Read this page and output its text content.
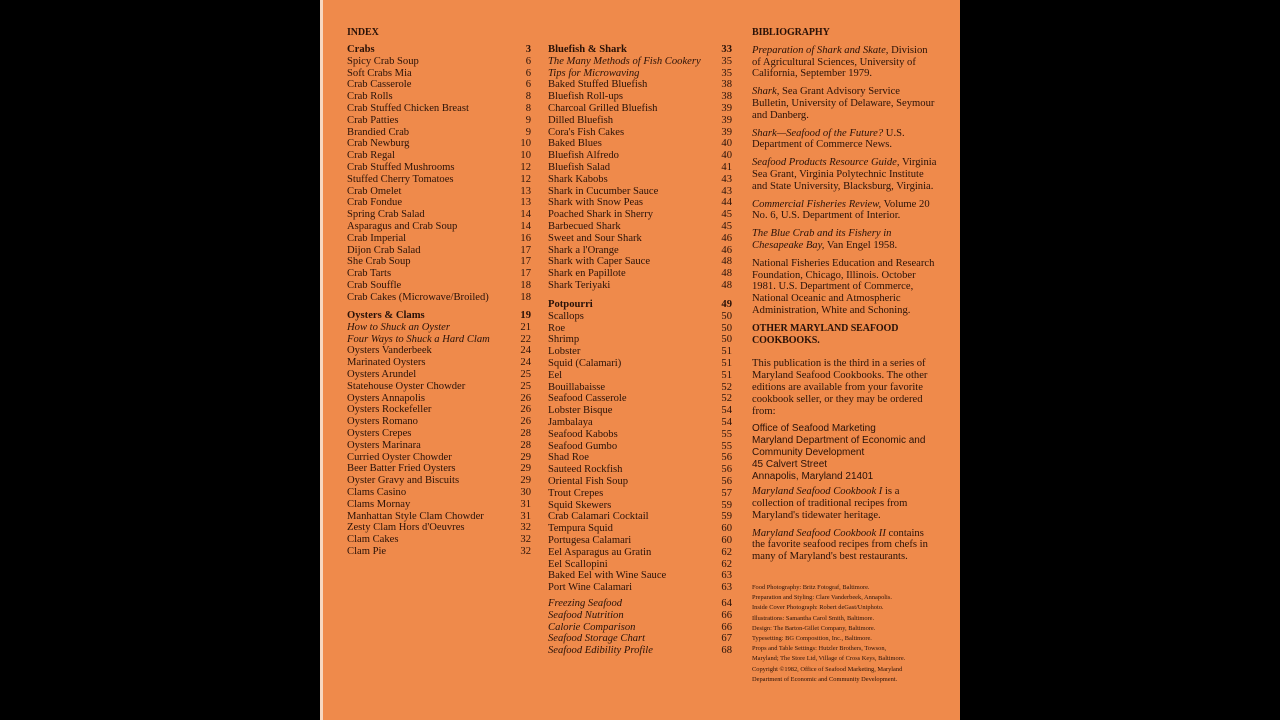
INDEX
Crabs	3
Spicy Crab Soup	6
Soft Crabs Mia	6
Crab Casserole	6
Crab Rolls	8
Crab Stuffed Chicken Breast	8
Crab Patties	9
Brandied Crab	9
Crab Newburg	10
Crab Regal	10
Crab Stuffed Mushrooms	12
Stuffed Cherry Tomatoes	12
Crab Omelet	13
Crab Fondue	13
Spring Crab Salad	14
Asparagus and Crab Soup	14
Crab Imperial	16
Dijon Crab Salad	17
She Crab Soup	17
Crab Tarts	17
Crab Souffle	18
Crab Cakes (Microwave/Broiled)	18
Oysters & Clams	19
How to Shuck an Oyster	21
Four Ways to Shuck a Hard Clam	22
Oysters Vanderbeek	24
Marinated Oysters	24
Oysters Arundel	25
Statehouse Oyster Chowder	25
Oysters Annapolis	26
Oysters Rockefeller	26
Oysters Romano	26
Oysters Crepes	28
Oysters Marinara	28
Curried Oyster Chowder	29
Beer Batter Fried Oysters	29
Oyster Gravy and Biscuits	29
Clams Casino	30
Clams Mornay	31
Manhattan Style Clam Chowder	31
Zesty Clam Hors d'Oeuvres	32
Clam Cakes	32
Clam Pie	32
Bluefish & Shark	33
The Many Methods of Fish Cookery 35
Tips for Microwaving	35
Baked Stuffed Bluefish	38
Bluefish Roll-ups	38
Charcoal Grilled Bluefish	39
Dilled Bluefish	39
Cora's Fish Cakes	39
Baked Blues	40
Bluefish Alfredo	40
Bluefish Salad	41
Shark Kabobs	43
Shark in Cucumber Sauce	43
Shark with Snow Peas	44
Poached Shark in Sherry	45
Barbecued Shark	45
Sweet and Sour Shark	46
Shark a l'Orange	46
Shark with Caper Sauce	48
Shark en Papillote	48
Shark Teriyaki	48
Potpourri	49
Scallops	50
Roe	50
Shrimp	50
Lobster	51
Squid (Calamari)	51
Eel	51
Bouillabaisse	52
Seafood Casserole	52
Lobster Bisque	54
Jambalaya	54
Seafood Kabobs	55
Seafood Gumbo	55
Shad Roe	56
Sauteed Rockfish	56
Oriental Fish Soup	56
Trout Crepes	57
Squid Skewers	59
Crab Calamari Cocktail	59
Tempura Squid	60
Portugesa Calamari	60
Eel Asparagus au Gratin	62
Eel Scallopini	62
Baked Eel with Wine Sauce	63
Port Wine Calamari	63
Freezing Seafood	64
Seafood Nutrition	66
Calorie Comparison	66
Seafood Storage Chart	67
Seafood Edibility Profile	68
BIBLIOGRAPHY

Preparation of Shark and Skate, Division of Agricultural Sciences, University of California, September 1979.

Shark, Sea Grant Advisory Service Bulletin, University of Delaware, Seymour and Danberg.

Shark—Seafood of the Future? U.S. Department of Commerce News.

Seafood Products Resource Guide, Virginia Sea Grant, Virginia Polytechnic Institute and State University, Blacksburg, Virginia.

Commercial Fisheries Review, Volume 20 No. 6, U.S. Department of Interior.

The Blue Crab and its Fishery in Chesapeake Bay, Van Engel 1958.

National Fisheries Education and Research Foundation, Chicago, Illinois. October 1981. U.S. Department of Commerce, National Oceanic and Atmospheric Administration, White and Schoning.

OTHER MARYLAND SEAFOOD COOKBOOKS.

This publication is the third in a series of Maryland Seafood Cookbooks. The other editions are available from your favorite cookbook seller, or they may be ordered from:

Office of Seafood Marketing
Maryland Department of Economic and
Community Development
45 Calvert Street
Annapolis, Maryland 21401

Maryland Seafood Cookbook I is a collection of traditional recipes from Maryland's tidewater heritage.

Maryland Seafood Cookbook II contains the favorite seafood recipes from chefs in many of Maryland's best restaurants.

Food Photography: Britz Fotograf, Baltimore.
Preparation and Styling: Clare Vanderbeek, Annapolis.
Inside Cover Photograph: Robert deGast/Uniphoto.
Illustrations: Samantha Carol Smith, Baltimore.
Design: The Barton-Gillet Company, Baltimore.
Typesetting: BG Composition, Inc., Baltimore.
Props and Table Settings: Hutzler Brothers, Towson,
Maryland; The Store Ltd, Village of Cross Keys, Baltimore.
Copyright ©1982, Office of Seafood Marketing, Maryland
Department of Economic and Community Development.
